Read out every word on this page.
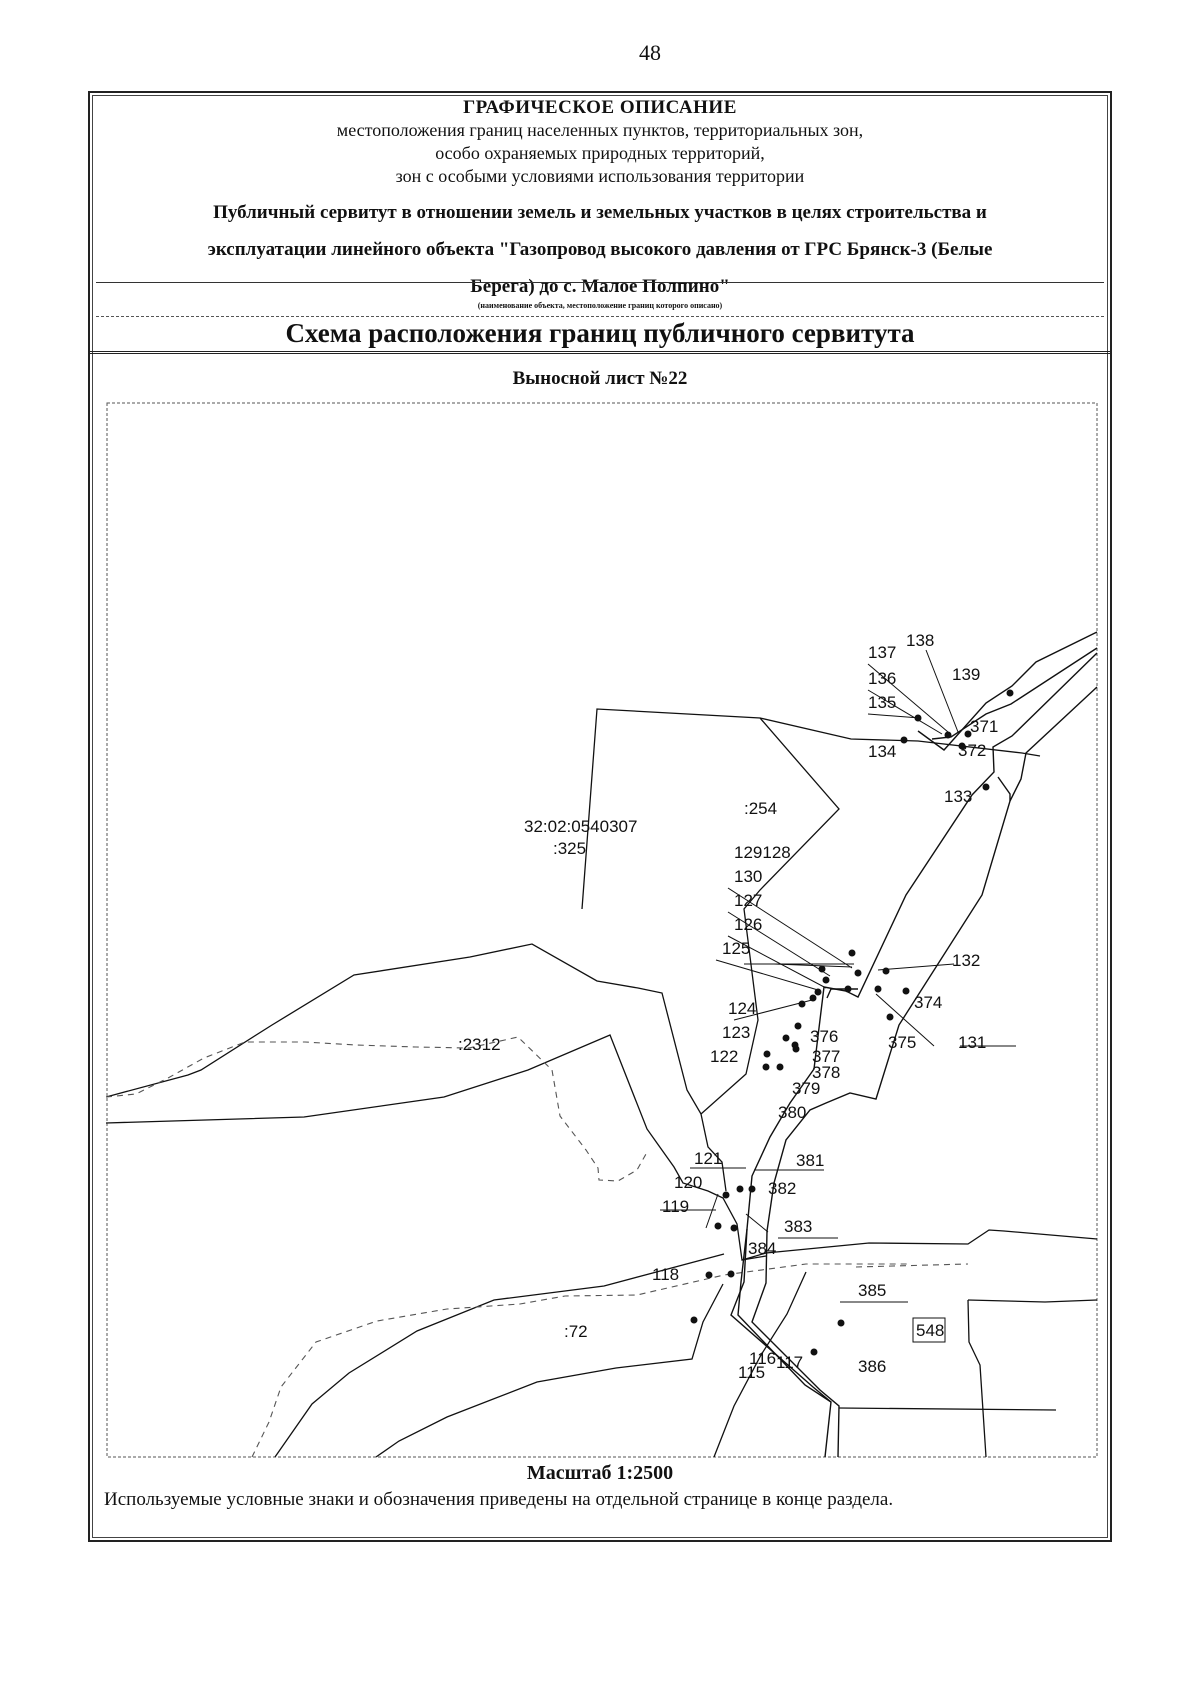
48
ГРАФИЧЕСКОЕ ОПИСАНИЕ
местоположения границ населенных пунктов, территориальных зон,
особо охраняемых природных территорий,
зон с особыми условиями использования территории
Публичный сервитут в отношении земель и земельных участков в целях строительства и
эксплуатации линейного объекта "Газопровод высокого давления от ГРС Брянск-3 (Белые
Берега) до с. Малое Полпино"
(наименование объекта, местоположение границ которого описано)
Схема расположения границ публичного сервитута
Выносной лист №22
32:02:0540307
:325
:254
:2312
:72	548
137
138
139
136
135
371
372
134
133
129128
130
127
126
125
132
124	374
123	376
122
375 131
377
378
379
380
121	381
120	382
119
383
384
118
385
116 117
115	386
Масштаб 1:2500
Используемые условные знаки и обозначения приведены на отдельной странице в конце раздела.
